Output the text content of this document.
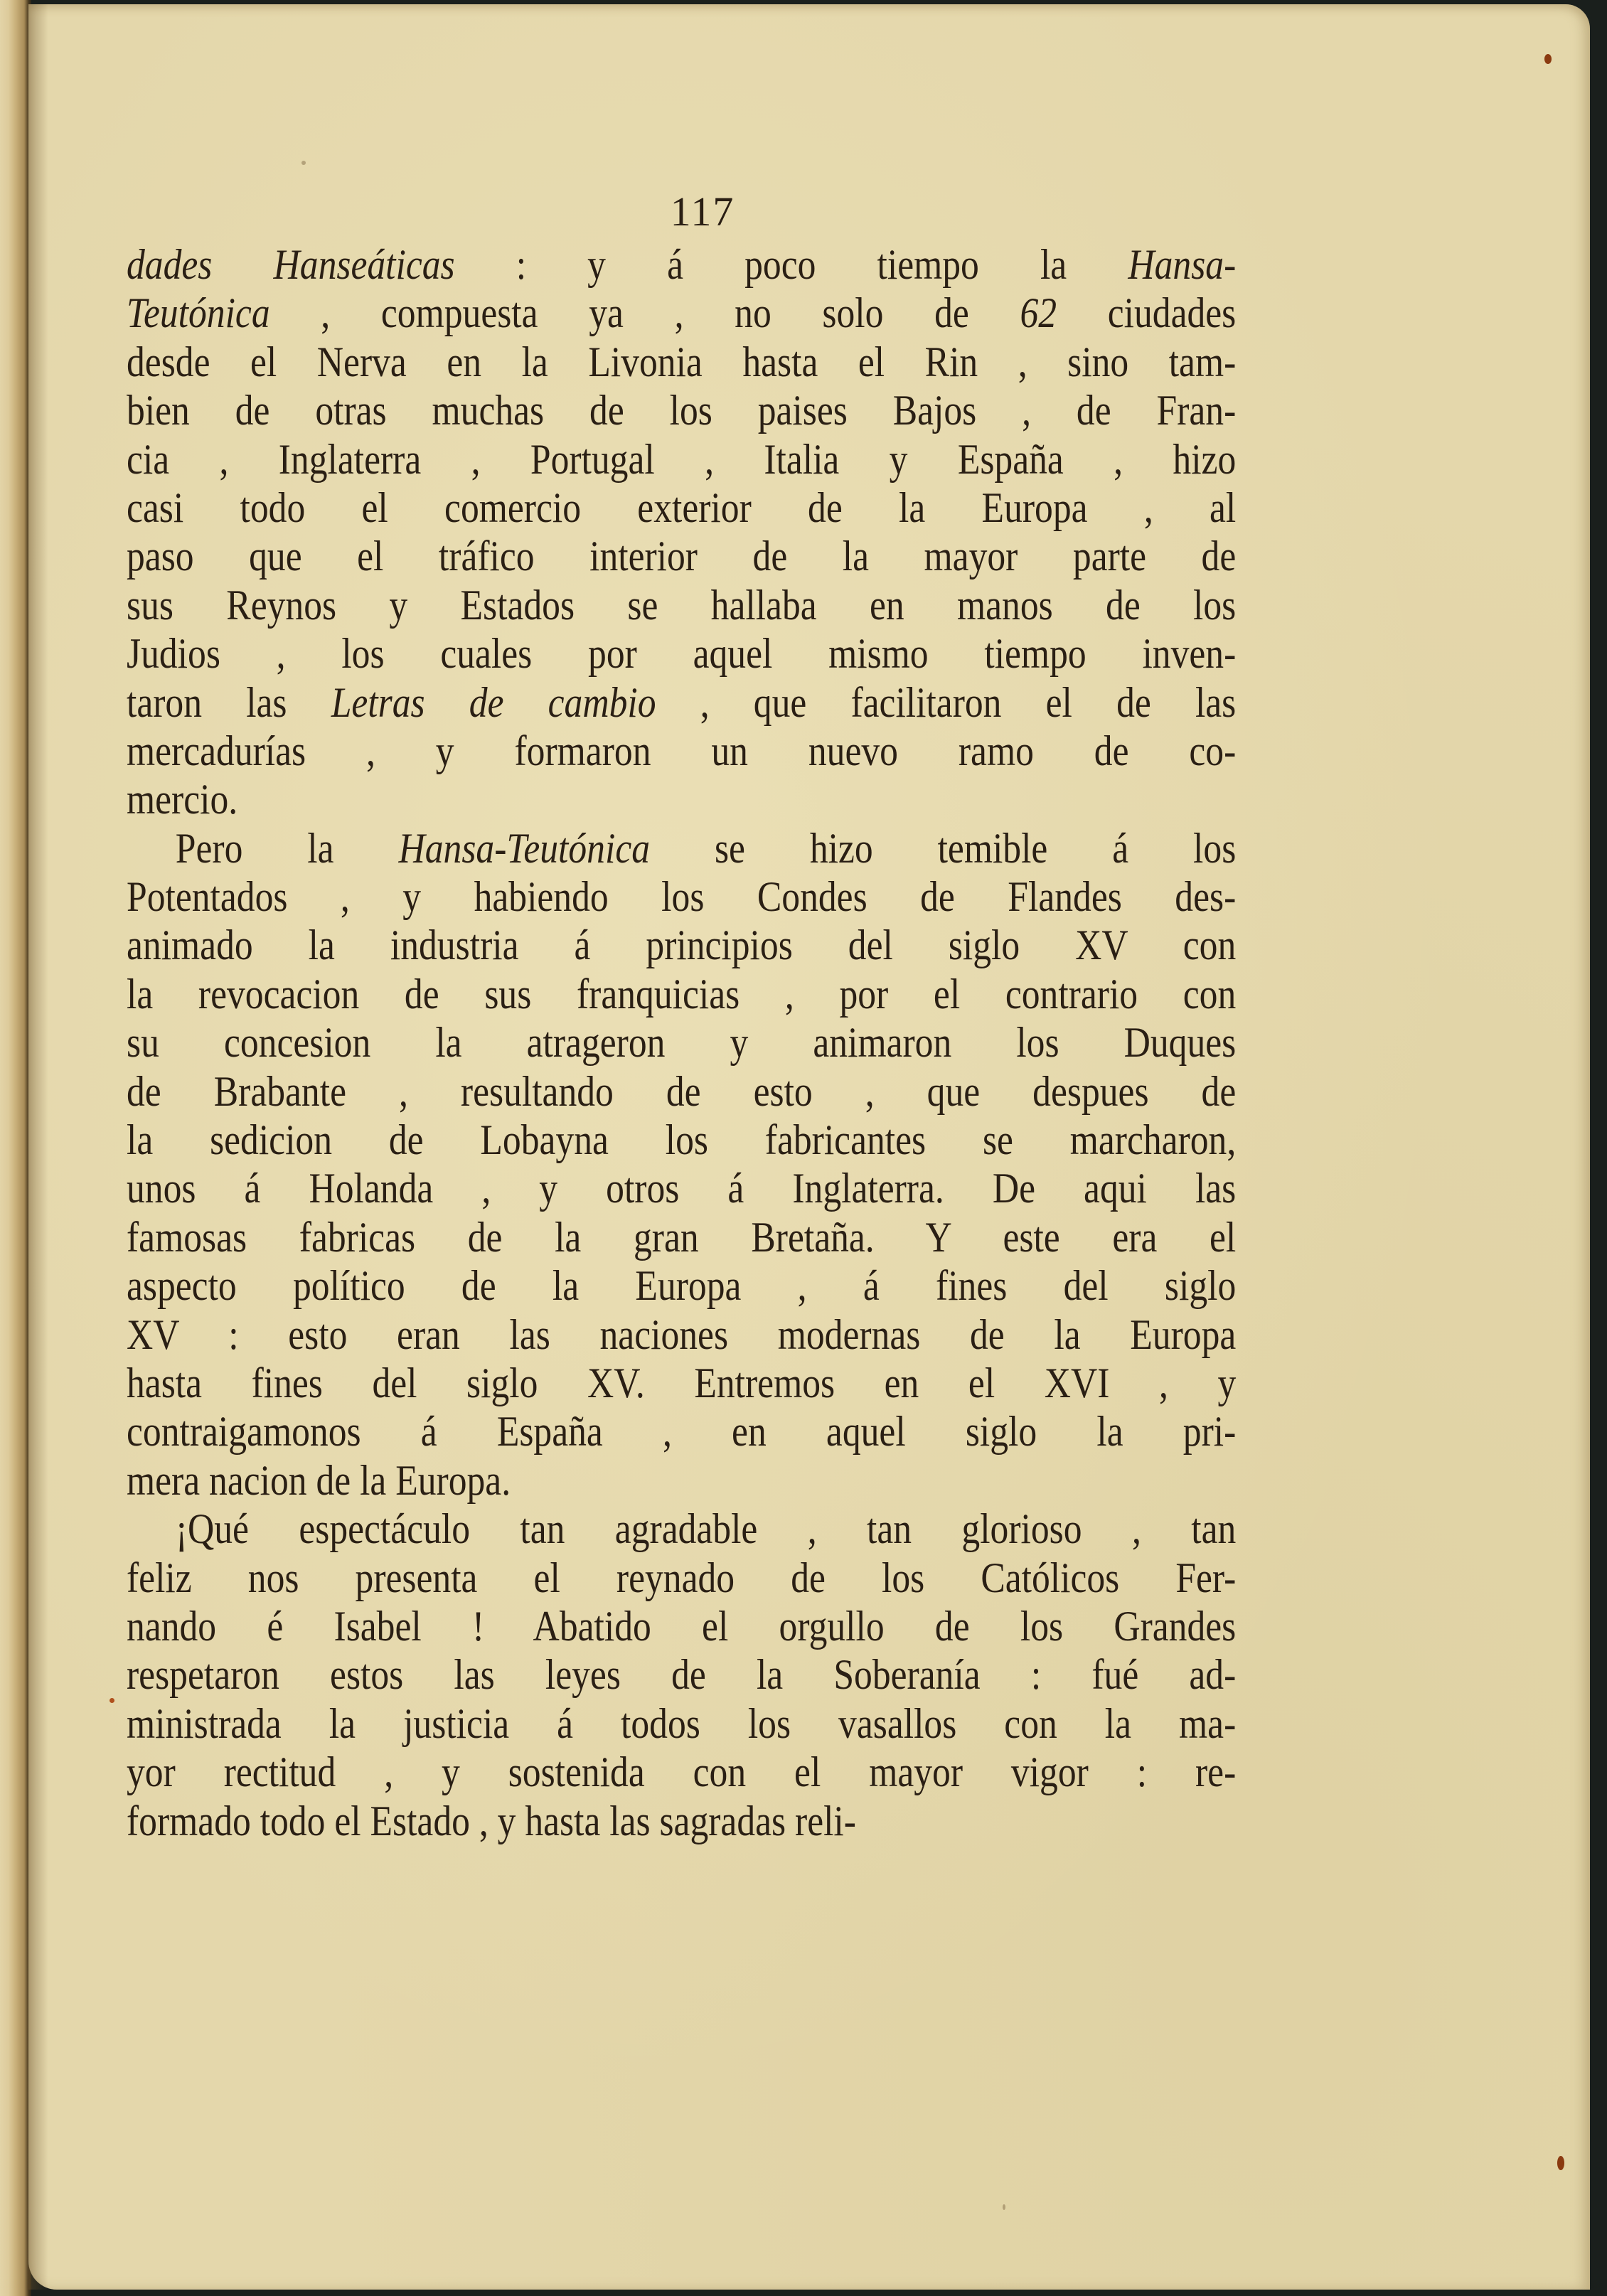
117
dades Hanseáticas : y á poco tiempo la Hansa-
Teutónica , compuesta ya , no solo de 62 ciudades
desde el Nerva en la Livonia hasta el Rin , sino tam-
bien de otras muchas de los paises Bajos , de Fran-
cia , Inglaterra , Portugal , Italia y España , hizo
casi todo el comercio exterior de la Europa , al
paso que el tráfico interior de la mayor parte de
sus Reynos y Estados se hallaba en manos de los
Judios , los cuales por aquel mismo tiempo inven-
taron las Letras de cambio , que facilitaron el de las
mercadurías , y formaron un nuevo ramo de co-
mercio.
Pero la Hansa-Teutónica se hizo temible á los
Potentados , y habiendo los Condes de Flandes des-
animado la industria á principios del siglo XV con
la revocacion de sus franquicias , por el contrario con
su concesion la atrageron y animaron los Duques
de Brabante , resultando de esto , que despues de
la sedicion de Lobayna los fabricantes se marcharon,
unos á Holanda , y otros á Inglaterra. De aqui las
famosas fabricas de la gran Bretaña. Y este era el
aspecto político de la Europa , á fines del siglo
XV : esto eran las naciones modernas de la Europa
hasta fines del siglo XV. Entremos en el XVI , y
contraigamonos á España , en aquel siglo la pri-
mera nacion de la Europa.
¡Qué espectáculo tan agradable , tan glorioso , tan
feliz nos presenta el reynado de los Católicos Fer-
nando é Isabel ! Abatido el orgullo de los Grandes
respetaron estos las leyes de la Soberanía : fué ad-
ministrada la justicia á todos los vasallos con la ma-
yor rectitud , y sostenida con el mayor vigor : re-
formado todo el Estado , y hasta las sagradas reli-
